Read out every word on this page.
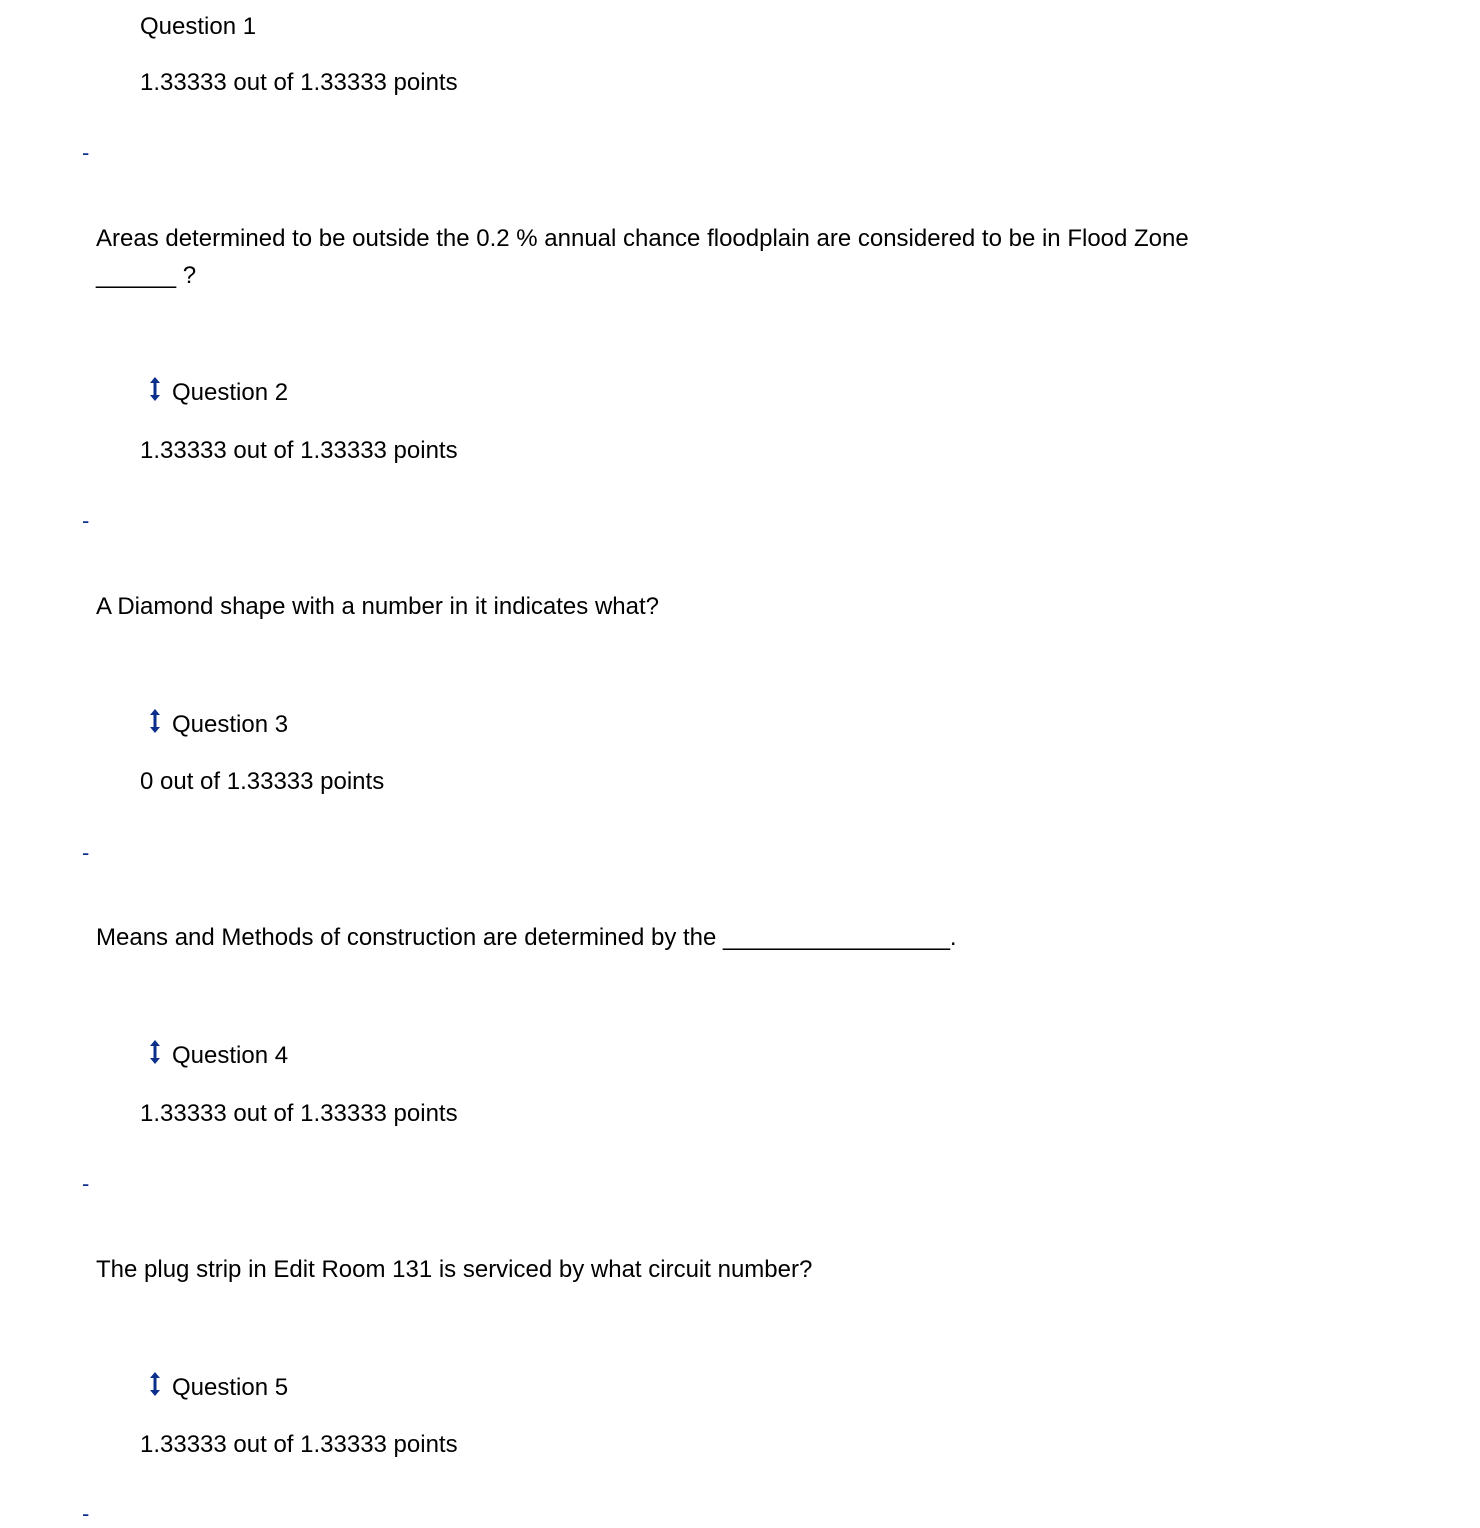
Question 1
1.33333 out of 1.33333 points
-
Areas determined to be outside the 0.2 % annual chance floodplain are considered to be in Flood Zone ______ ?
Question 2
1.33333 out of 1.33333 points
-
A Diamond shape with a number in it indicates what?
Question 3
0 out of 1.33333 points
-
Means and Methods of construction are determined by the _________________.
Question 4
1.33333 out of 1.33333 points
-
The plug strip in Edit Room 131 is serviced by what circuit number?
Question 5
1.33333 out of 1.33333 points
-
